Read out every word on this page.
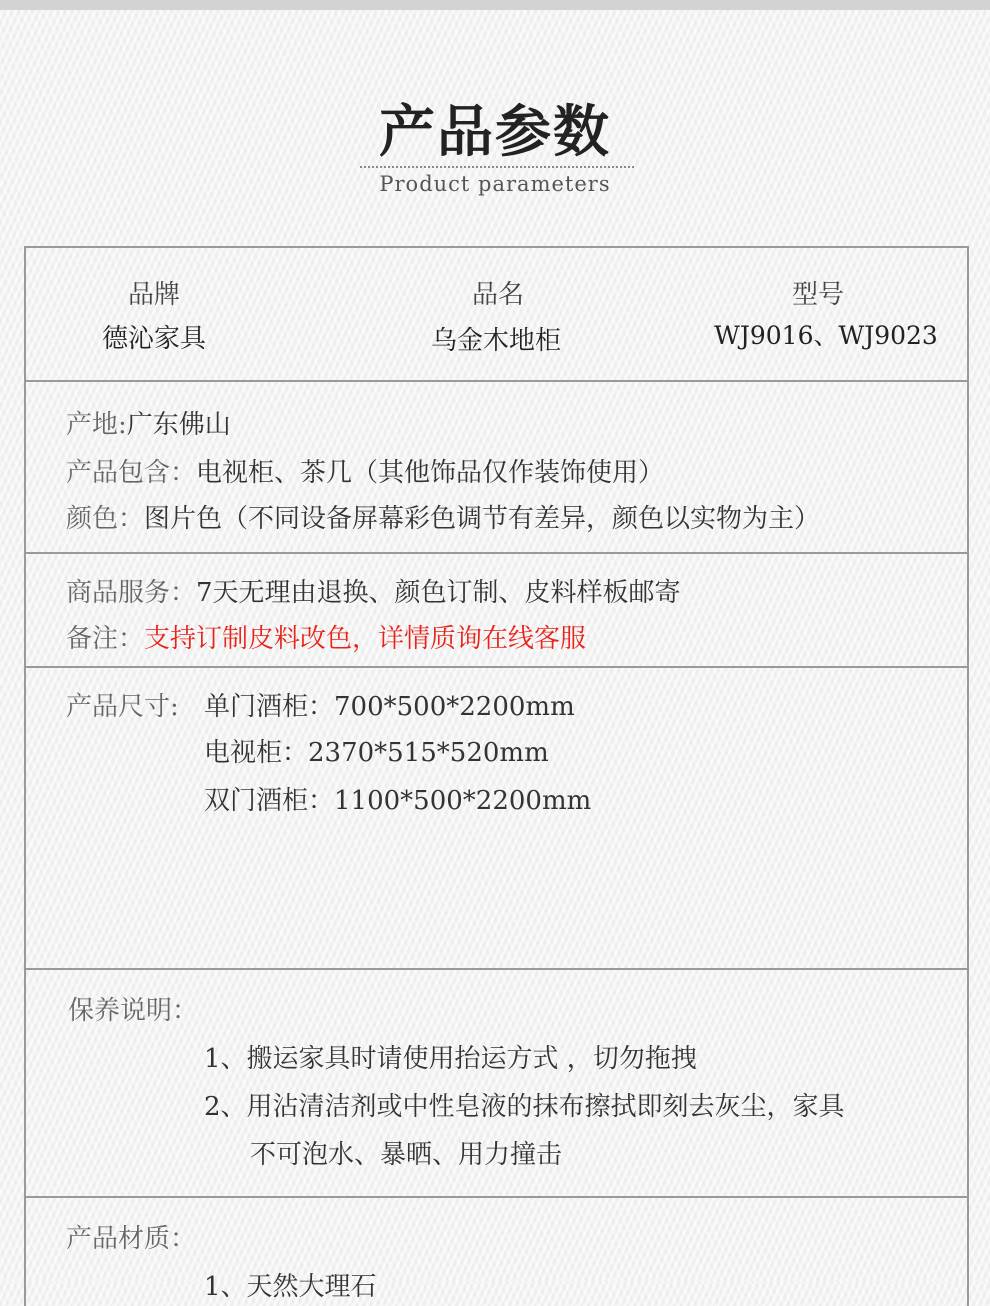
产品参数
Product parameters
品牌
德沁家具
品名
乌金木地柜
型号
WJ9016、WJ9023
产地:广东佛山
产品包含：电视柜、茶几（其他饰品仅作装饰使用）
颜色：图片色（不同设备屏幕彩色调节有差异，颜色以实物为主）
商品服务：7天无理由退换、颜色订制、皮料样板邮寄
备注：支持订制皮料改色，详情质询在线客服
产品尺寸: 单门酒柜：700*500*2200mm
电视柜：2370*515*520mm
双门酒柜：1100*500*2200mm
保养说明：
1、搬运家具时请使用抬运方式 ，切勿拖拽
2、用沾清洁剂或中性皂液的抹布擦拭即刻去灰尘，家具
不可泡水、暴晒、用力撞击
产品材质：
1、天然大理石
